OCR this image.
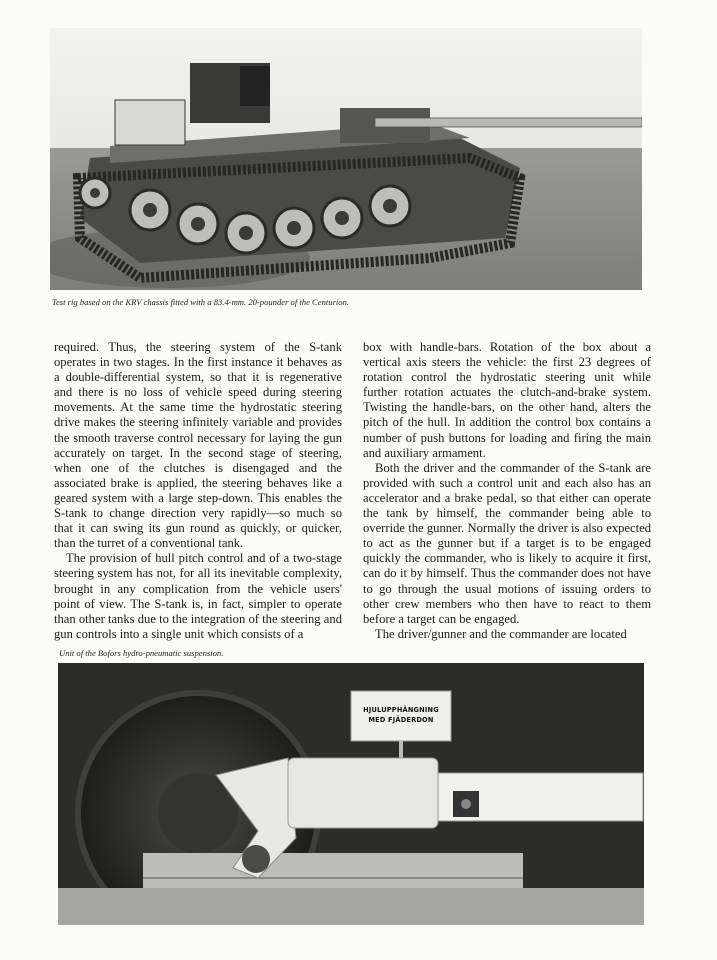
Test rig based on the KRV chassis fitted with a 83.4-mm. 20-pounder of the Centurion.

required. Thus, the steering system of the S-tank operates in two stages. In the first instance it behaves as a double-differential system, so that it is regenerative and there is no loss of vehicle speed during steering movements. At the same time the hydrostatic steering drive makes the steering infinitely variable and provides the smooth traverse control necessary for laying the gun accurately on target. In the second stage of steering, when one of the clutches is disengaged and the associated brake is applied, the steering behaves like a geared system with a large step-down. This enables the S-tank to change direction very rapidly—so much so that it can swing its gun round as quickly, or quicker, than the turret of a conventional tank.

The provision of hull pitch control and of a two-stage steering system has not, for all its inevitable complexity, brought in any complication from the vehicle users' point of view. The S-tank is, in fact, simpler to operate than other tanks due to the integration of the steering and gun controls into a single unit which consists of a

box with handle-bars. Rotation of the box about a vertical axis steers the vehicle: the first 23 degrees of rotation control the hydrostatic steering unit while further rotation actuates the clutch-and-brake system. Twisting the handle-bars, on the other hand, alters the pitch of the hull. In addition the control box contains a number of push buttons for loading and firing the main and auxiliary armament.

Both the driver and the commander of the S-tank are provided with such a control unit and each also has an accelerator and a brake pedal, so that either can operate the tank by himself, the commander being able to override the gunner. Normally the driver is also expected to act as the gunner but if a target is to be engaged quickly the commander, who is likely to acquire it first, can do it by himself. Thus the commander does not have to go through the usual motions of issuing orders to other crew members who then have to react to them before a target can be engaged.

The driver/gunner and the commander are located

Unit of the Bofors hydro-pneumatic suspension.

HJULUPPHÄNGNING
MED FJÄDERDON
